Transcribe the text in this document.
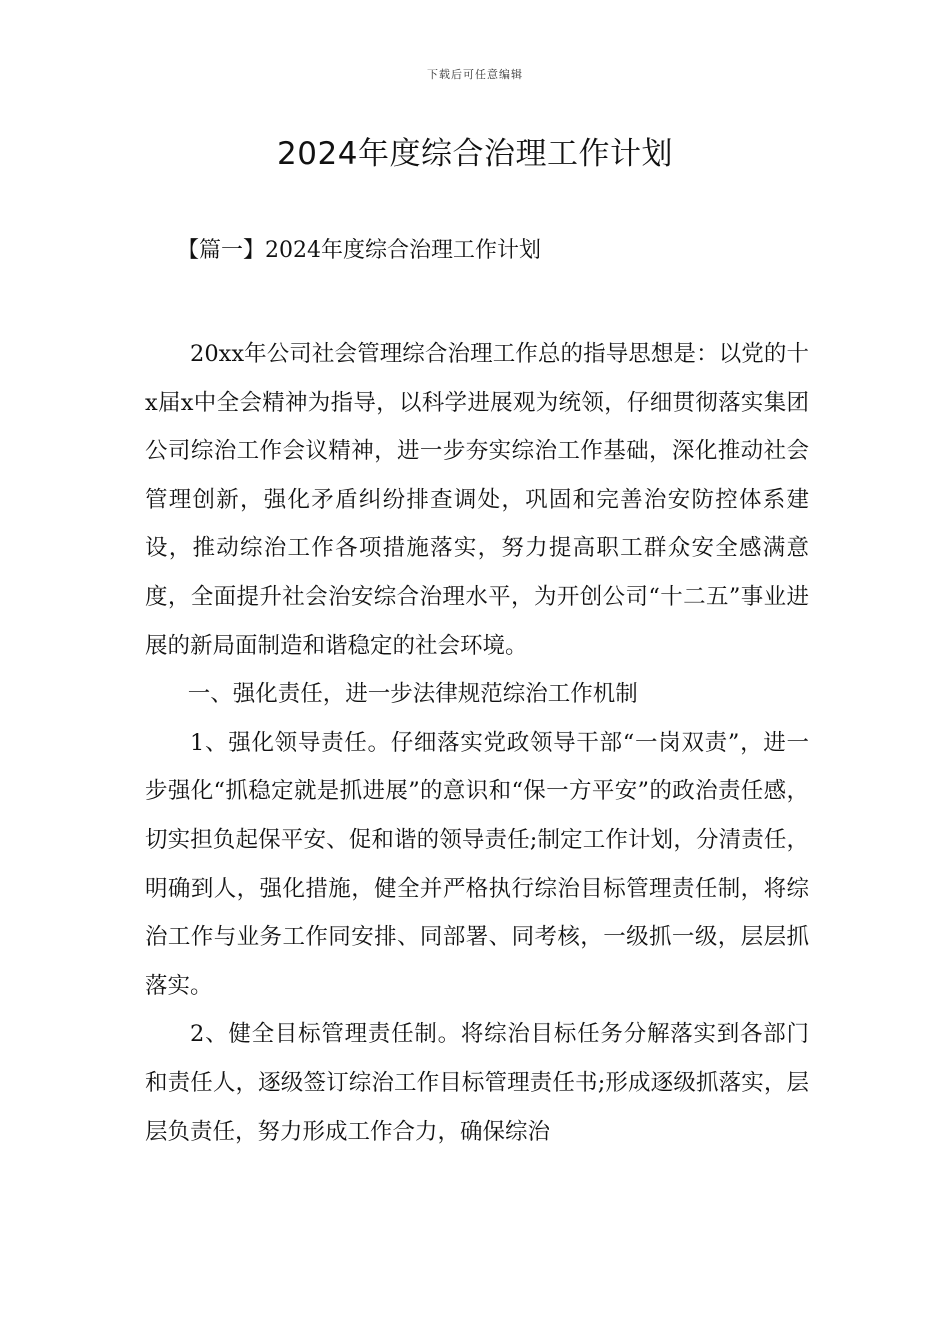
下载后可任意编辑
2024年度综合治理工作计划
【篇一】2024年度综合治理工作计划

20xx年公司社会管理综合治理工作总的指导思想是：以党的十x届x中全会精神为指导，以科学进展观为统领，仔细贯彻落实集团公司综治工作会议精神，进一步夯实综治工作基础，深化推动社会管理创新，强化矛盾纠纷排查调处，巩固和完善治安防控体系建设，推动综治工作各项措施落实，努力提高职工群众安全感满意度，全面提升社会治安综合治理水平，为开创公司“十二五”事业进展的新局面制造和谐稳定的社会环境。

一、强化责任，进一步法律规范综治工作机制

1、强化领导责任。仔细落实党政领导干部“一岗双责”，进一步强化“抓稳定就是抓进展”的意识和“保一方平安”的政治责任感，切实担负起保平安、促和谐的领导责任;制定工作计划，分清责任，明确到人，强化措施，健全并严格执行综治目标管理责任制，将综治工作与业务工作同安排、同部署、同考核，一级抓一级，层层抓落实。

2、健全目标管理责任制。将综治目标任务分解落实到各部门和责任人，逐级签订综治工作目标管理责任书;形成逐级抓落实，层层负责任，努力形成工作合力，确保综治
